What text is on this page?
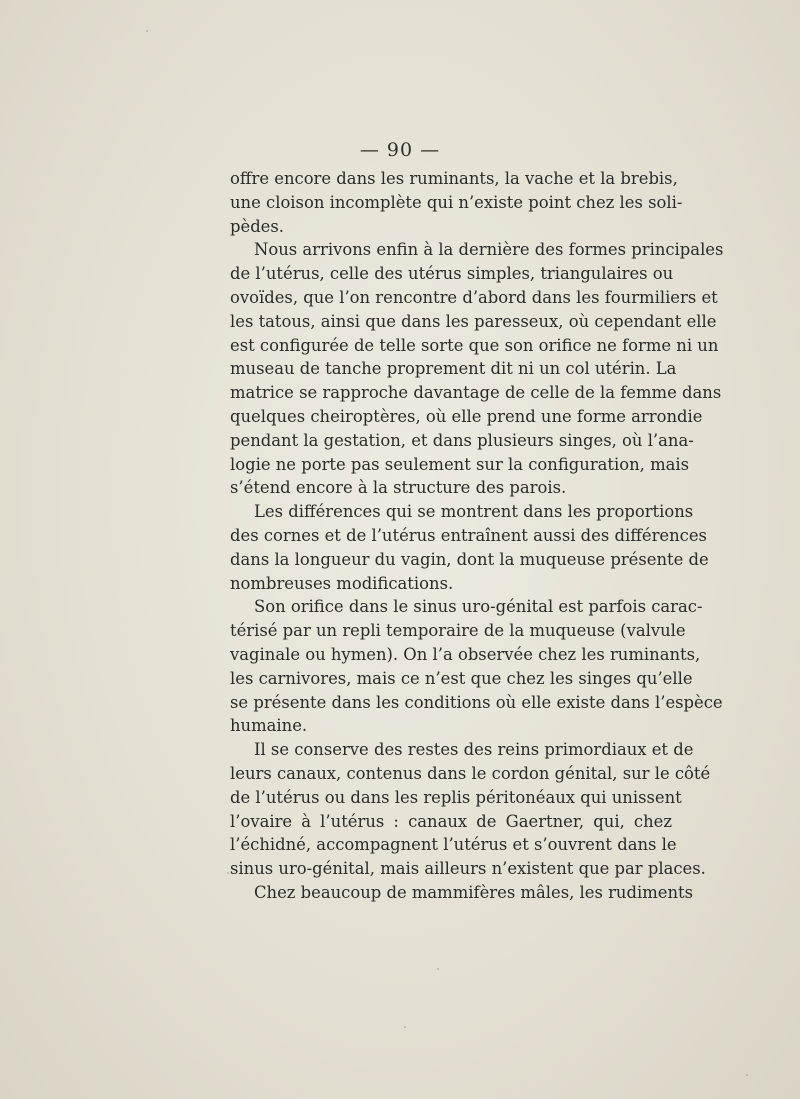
— 90 —
offre encore dans les ruminants, la vache et la brebis,
une cloison incomplète qui n’existe point chez les soli-
pèdes.
Nous arrivons enfin à la dernière des formes principales
de l’utérus, celle des utérus simples, triangulaires ou
ovoïdes, que l’on rencontre d’abord dans les fourmiliers et
les tatous, ainsi que dans les paresseux, où cependant elle
est configurée de telle sorte que son orifice ne forme ni un
museau de tanche proprement dit ni un col utérin. La
matrice se rapproche davantage de celle de la femme dans
quelques cheiroptères, où elle prend une forme arrondie
pendant la gestation, et dans plusieurs singes, où l’ana-
logie ne porte pas seulement sur la configuration, mais
s’étend encore à la structure des parois.
Les différences qui se montrent dans les proportions
des cornes et de l’utérus entraînent aussi des différences
dans la longueur du vagin, dont la muqueuse présente de
nombreuses modifications.
Son orifice dans le sinus uro-génital est parfois carac-
térisé par un repli temporaire de la muqueuse (valvule
vaginale ou hymen). On l’a observée chez les ruminants,
les carnivores, mais ce n’est que chez les singes qu’elle
se présente dans les conditions où elle existe dans l’espèce
humaine.
Il se conserve des restes des reins primordiaux et de
leurs canaux, contenus dans le cordon génital, sur le côté
de l’utérus ou dans les replis péritonéaux qui unissent
l’ovaire à l’utérus : canaux de Gaertner, qui, chez
l’échidné, accompagnent l’utérus et s’ouvrent dans le
sinus uro-génital, mais ailleurs n’existent que par places.
Chez beaucoup de mammifères mâles, les rudiments
